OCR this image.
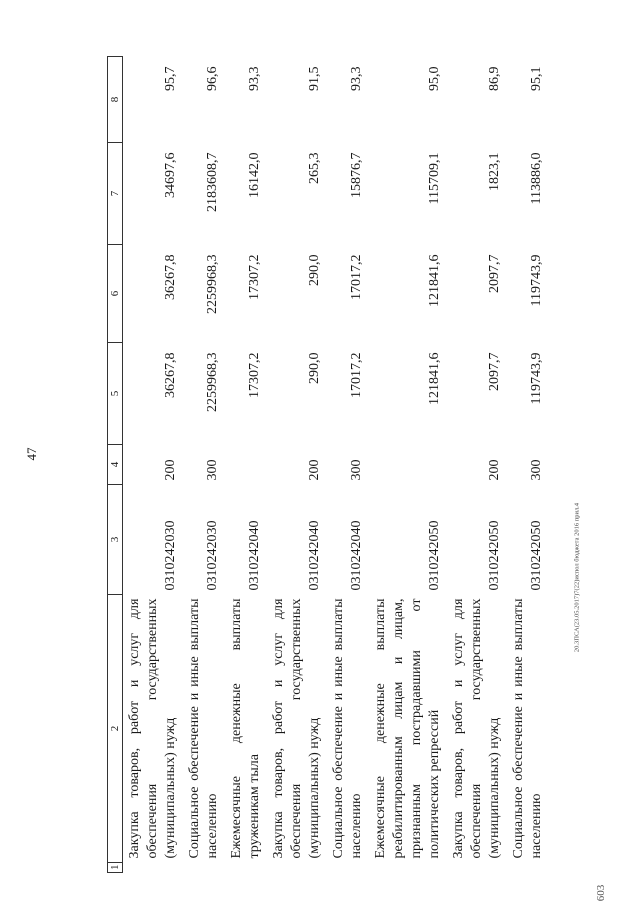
47
1	2	3	4	5	6	7	8
	Закупка товаров, работ и услуг для обеспечения государственных (муниципальных) нужд	0310242030	200	36267,8	36267,8	34697,6	95,7
	Социальное обеспечение и иные выплаты населению	0310242030	300	2259968,3	2259968,3	2183608,7	96,6
	Ежемесячные денежные выплаты труженикам тыла	0310242040		17307,2	17307,2	16142,0	93,3
	Закупка товаров, работ и услуг для обеспечения государственных (муниципальных) нужд	0310242040	200	290,0	290,0	265,3	91,5
	Социальное обеспечение и иные выплаты населению	0310242040	300	17017,2	17017,2	15876,7	93,3
	Ежемесячные денежные выплаты реабилитированным лицам и лицам, признанным пострадавшими от политических репрессий	0310242050		121841,6	121841,6	115709,1	95,0
	Закупка товаров, работ и услуг для обеспечения государственных (муниципальных) нужд	0310242050	200	2097,7	2097,7	1823,1	86,9
	Социальное обеспечение и иные выплаты населению	0310242050	300	119743,9	119743,9	113886,0	95,1
20.3ПСА(23.05.2017)7(22)испол бюджета 2016 прил.4
603
